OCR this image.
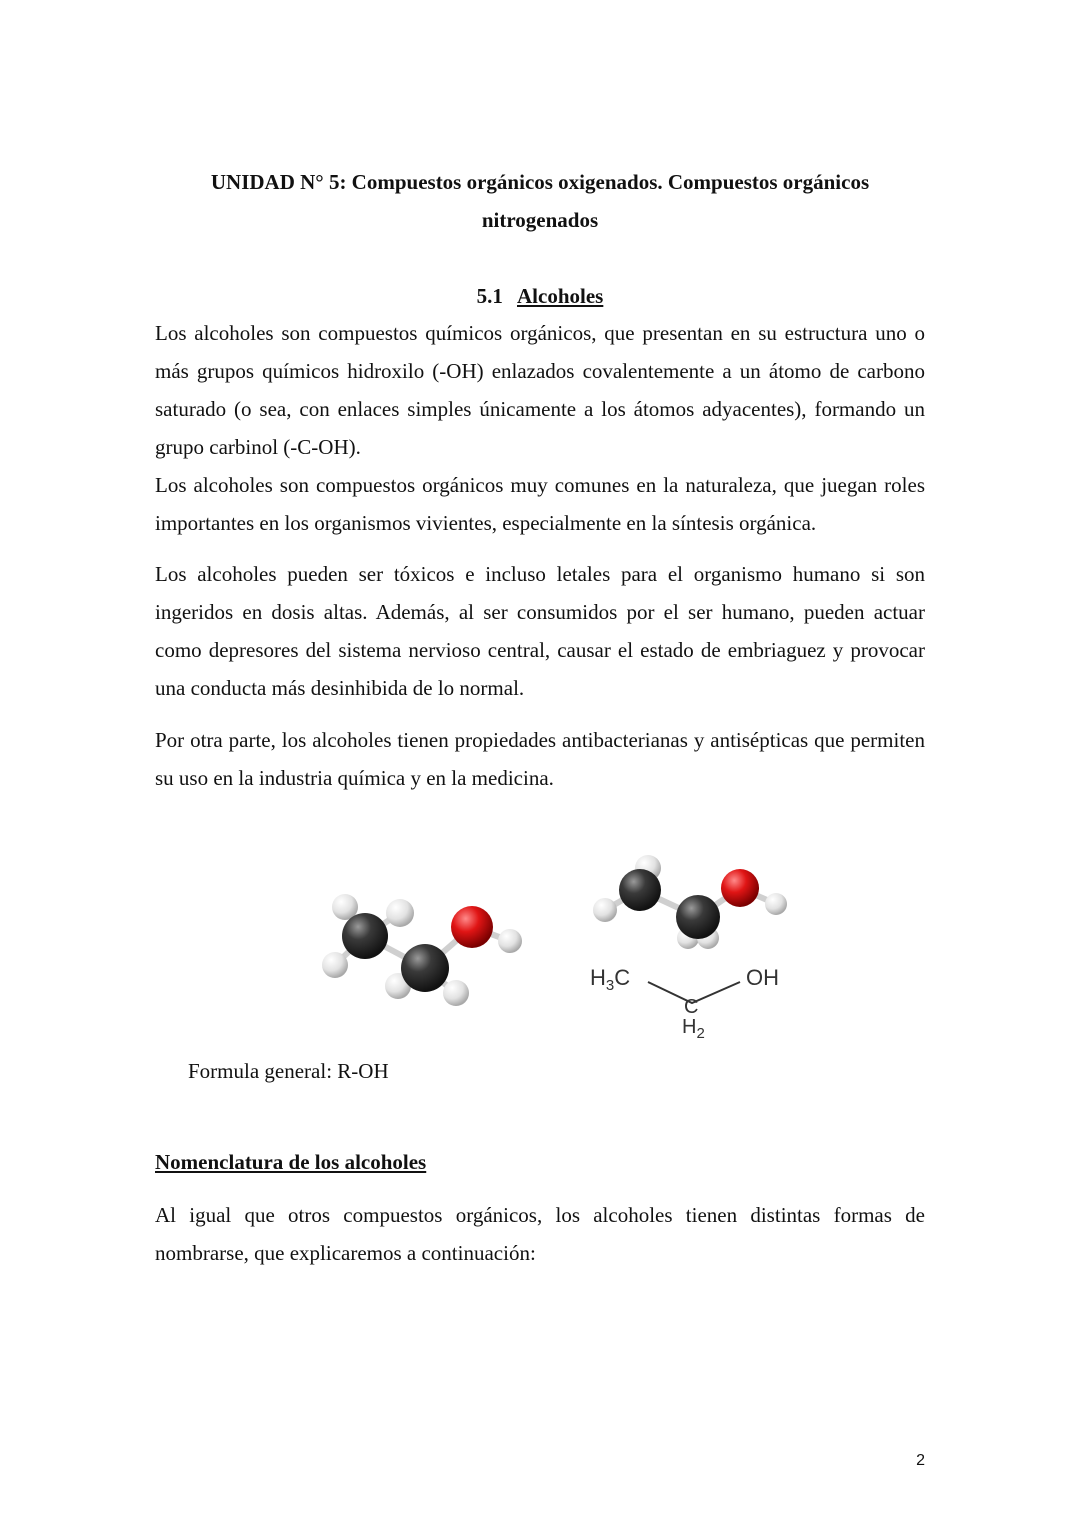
UNIDAD N° 5: Compuestos orgánicos oxigenados. Compuestos orgánicos nitrogenados
5.1 Alcoholes

Los alcoholes son compuestos químicos orgánicos, que presentan en su estructura uno o más grupos químicos hidroxilo (-OH) enlazados covalentemente a un átomo de carbono saturado (o sea, con enlaces simples únicamente a los átomos adyacentes), formando un grupo carbinol (-C-OH).

Los alcoholes son compuestos orgánicos muy comunes en la naturaleza, que juegan roles importantes en los organismos vivientes, especialmente en la síntesis orgánica.

Los alcoholes pueden ser tóxicos e incluso letales para el organismo humano si son ingeridos en dosis altas. Además, al ser consumidos por el ser humano, pueden actuar como depresores del sistema nervioso central, causar el estado de embriaguez y provocar una conducta más desinhibida de lo normal.

Por otra parte, los alcoholes tienen propiedades antibacterianas y antisépticas que permiten su uso en la industria química y en la medicina.

$H_3C$
C
$H_2$
OH
Formula general: R-OH
Nomenclatura de los alcoholes

Al igual que otros compuestos orgánicos, los alcoholes tienen distintas formas de nombrarse, que explicaremos a continuación:

2
